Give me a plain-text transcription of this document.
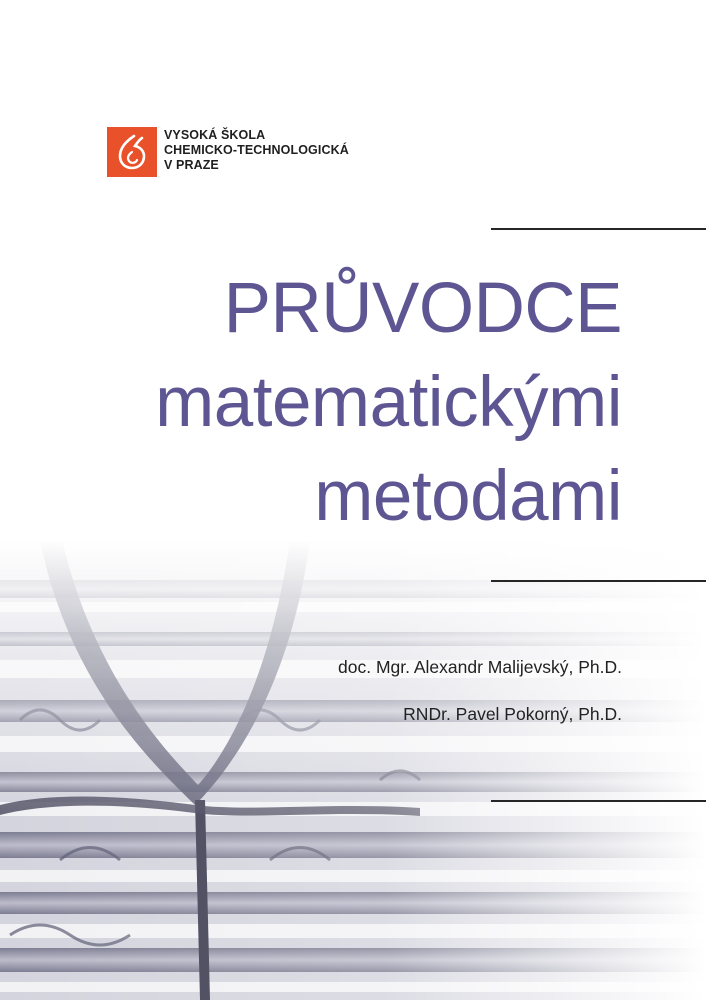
VYSOKÁ ŠKOLA
CHEMICKO-TECHNOLOGICKÁ
V PRAZE
PRŮVODCE
matematickými
metodami
doc. Mgr. Alexandr Malijevský, Ph.D.
RNDr. Pavel Pokorný, Ph.D.
